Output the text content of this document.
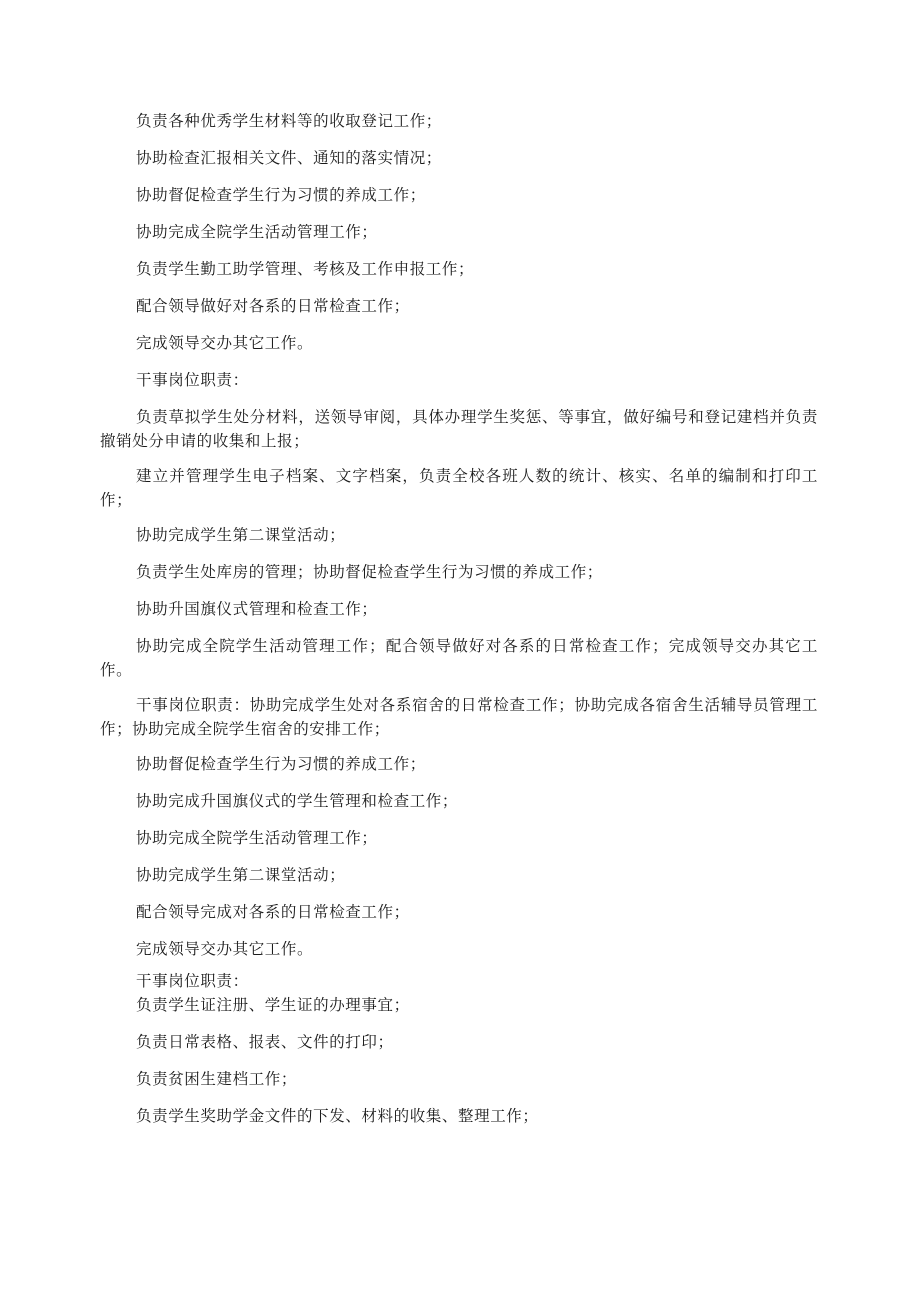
负责各种优秀学生材料等的收取登记工作；

协助检查汇报相关文件、通知的落实情况；

协助督促检查学生行为习惯的养成工作；

协助完成全院学生活动管理工作；

负责学生勤工助学管理、考核及工作申报工作；

配合领导做好对各系的日常检查工作；

完成领导交办其它工作。

干事岗位职责：

负责草拟学生处分材料，送领导审阅，具体办理学生奖惩、等事宜，做好编号和登记建档并负责撤销处分申请的收集和上报；

建立并管理学生电子档案、文字档案，负责全校各班人数的统计、核实、名单的编制和打印工作；

协助完成学生第二课堂活动；

负责学生处库房的管理；协助督促检查学生行为习惯的养成工作；

协助升国旗仪式管理和检查工作；

协助完成全院学生活动管理工作；配合领导做好对各系的日常检查工作；完成领导交办其它工作。

干事岗位职责：协助完成学生处对各系宿舍的日常检查工作；协助完成各宿舍生活辅导员管理工作；协助完成全院学生宿舍的安排工作；

协助督促检查学生行为习惯的养成工作；

协助完成升国旗仪式的学生管理和检查工作；

协助完成全院学生活动管理工作；

协助完成学生第二课堂活动；

配合领导完成对各系的日常检查工作；

完成领导交办其它工作。

干事岗位职责：

负责学生证注册、学生证的办理事宜；

负责日常表格、报表、文件的打印；

负责贫困生建档工作；

负责学生奖助学金文件的下发、材料的收集、整理工作；
